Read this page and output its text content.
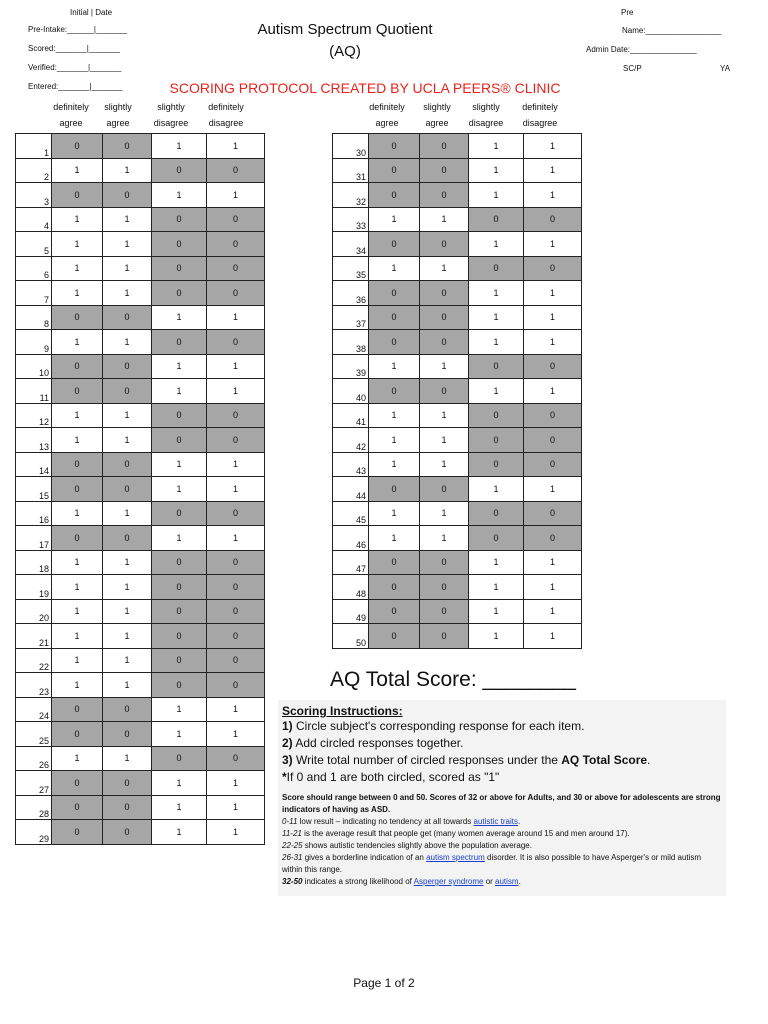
Initial | Date
Pre-Intake:______|_______
Scored:_______|_______
Verified:_______|_______
Entered:_______|_______
Autism Spectrum Quotient
(AQ)
SCORING PROTOCOL CREATED BY UCLA PEERS® CLINIC
Pre
Name:_________________
Admin Date:_______________
SC/P	YA
definitely agree
slightly agree
slightly disagree
definitely disagree
definitely agree
slightly agree
slightly disagree
definitely disagree
1	0	0	1	1
2	1	1	0	0
3	0	0	1	1
4	1	1	0	0
5	1	1	0	0
6	1	1	0	0
7	1	1	0	0
8	0	0	1	1
9	1	1	0	0
10	0	0	1	1
11	0	0	1	1
12	1	1	0	0
13	1	1	0	0
14	0	0	1	1
15	0	0	1	1
16	1	1	0	0
17	0	0	1	1
18	1	1	0	0
19	1	1	0	0
20	1	1	0	0
21	1	1	0	0
22	1	1	0	0
23	1	1	0	0
24	0	0	1	1
25	0	0	1	1
26	1	1	0	0
27	0	0	1	1
28	0	0	1	1
29	0	0	1	1
30	0	0	1	1
31	0	0	1	1
32	0	0	1	1
33	1	1	0	0
34	0	0	1	1
35	1	1	0	0
36	0	0	1	1
37	0	0	1	1
38	0	0	1	1
39	1	1	0	0
40	0	0	1	1
41	1	1	0	0
42	1	1	0	0
43	1	1	0	0
44	0	0	1	1
45	1	1	0	0
46	1	1	0	0
47	0	0	1	1
48	0	0	1	1
49	0	0	1	1
50	0	0	1	1
AQ Total Score: ________
Scoring Instructions:
1) Circle subject's corresponding response for each item.
2) Add circled responses together.
3) Write total number of circled responses under the AQ Total Score.
*If 0 and 1 are both circled, scored as "1"
Score should range between 0 and 50. Scores of 32 or above for Adults, and 30 or above for adolescents are strong indicators of having as ASD.
0-11 low result – indicating no tendency at all towards autistic traits.
11-21 is the average result that people get (many women average around 15 and men around 17).
22-25 shows autistic tendencies slightly above the population average.
26-31 gives a borderline indication of an autism spectrum disorder. It is also possible to have Asperger's or mild autism within this range.
32-50 indicates a strong likelihood of Asperger syndrome or autism.
Page 1 of 2
